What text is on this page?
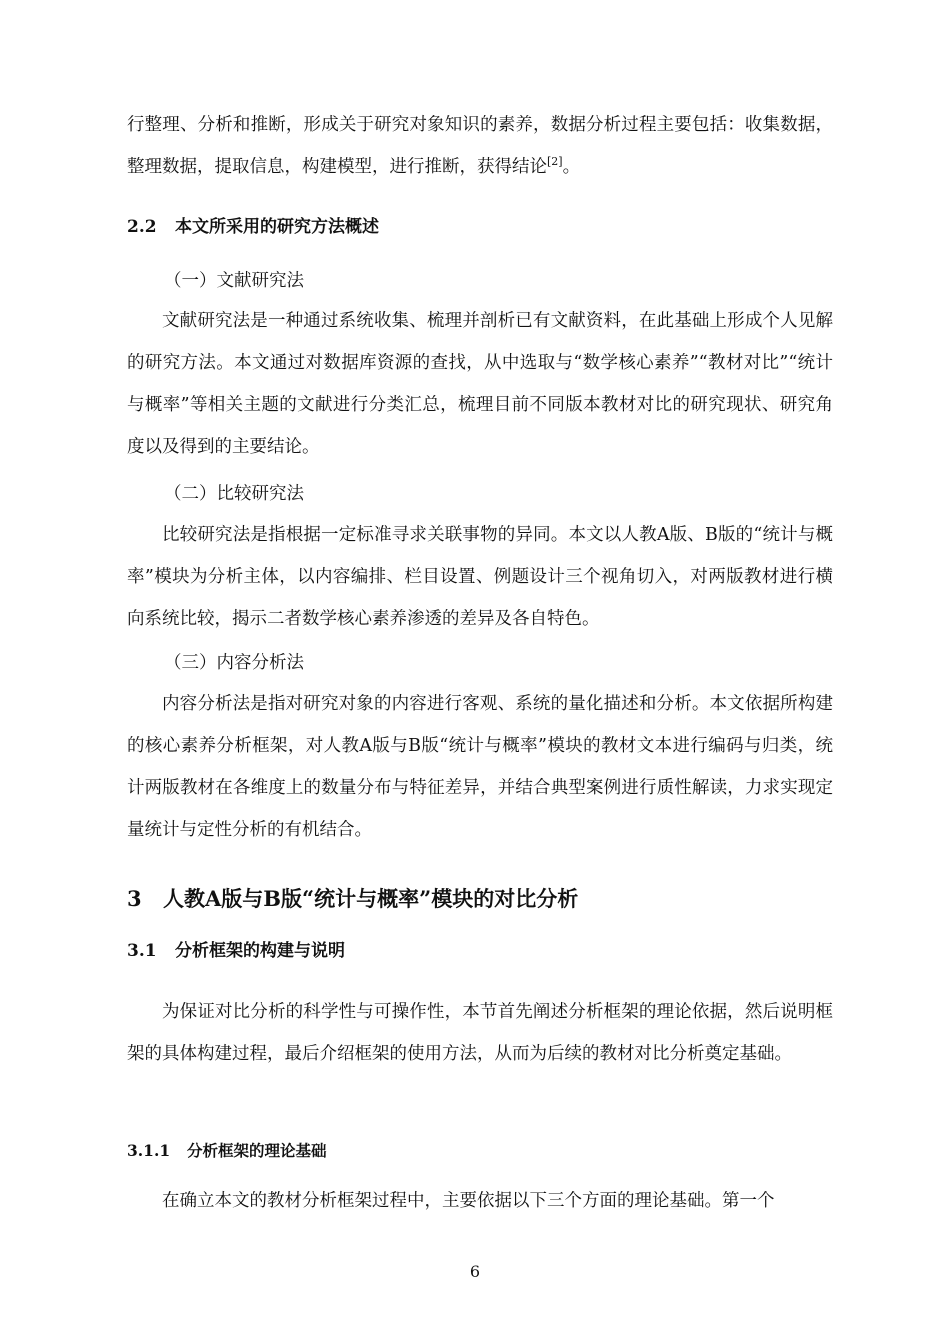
行整理、分析和推断，形成关于研究对象知识的素养，数据分析过程主要包括：收集数据，整理数据，提取信息，构建模型，进行推断，获得结论[2]。

2.2 本文所采用的研究方法概述

（一）文献研究法

文献研究法是一种通过系统收集、梳理并剖析已有文献资料，在此基础上形成个人见解的研究方法。本文通过对数据库资源的查找，从中选取与“数学核心素养”“教材对比”“统计与概率”等相关主题的文献进行分类汇总，梳理目前不同版本教材对比的研究现状、研究角度以及得到的主要结论。

（二）比较研究法

比较研究法是指根据一定标准寻求关联事物的异同。本文以人教A版、B版的“统计与概率”模块为分析主体，以内容编排、栏目设置、例题设计三个视角切入，对两版教材进行横向系统比较，揭示二者数学核心素养渗透的差异及各自特色。

（三）内容分析法

内容分析法是指对研究对象的内容进行客观、系统的量化描述和分析。本文依据所构建的核心素养分析框架，对人教A版与B版“统计与概率”模块的教材文本进行编码与归类，统计两版教材在各维度上的数量分布与特征差异，并结合典型案例进行质性解读，力求实现定量统计与定性分析的有机结合。

3 人教A版与B版“统计与概率”模块的对比分析
3.1 分析框架的构建与说明

为保证对比分析的科学性与可操作性，本节首先阐述分析框架的理论依据，然后说明框架的具体构建过程，最后介绍框架的使用方法，从而为后续的教材对比分析奠定基础。

3.1.1 分析框架的理论基础

在确立本文的教材分析框架过程中，主要依据以下三个方面的理论基础。第一个

6
